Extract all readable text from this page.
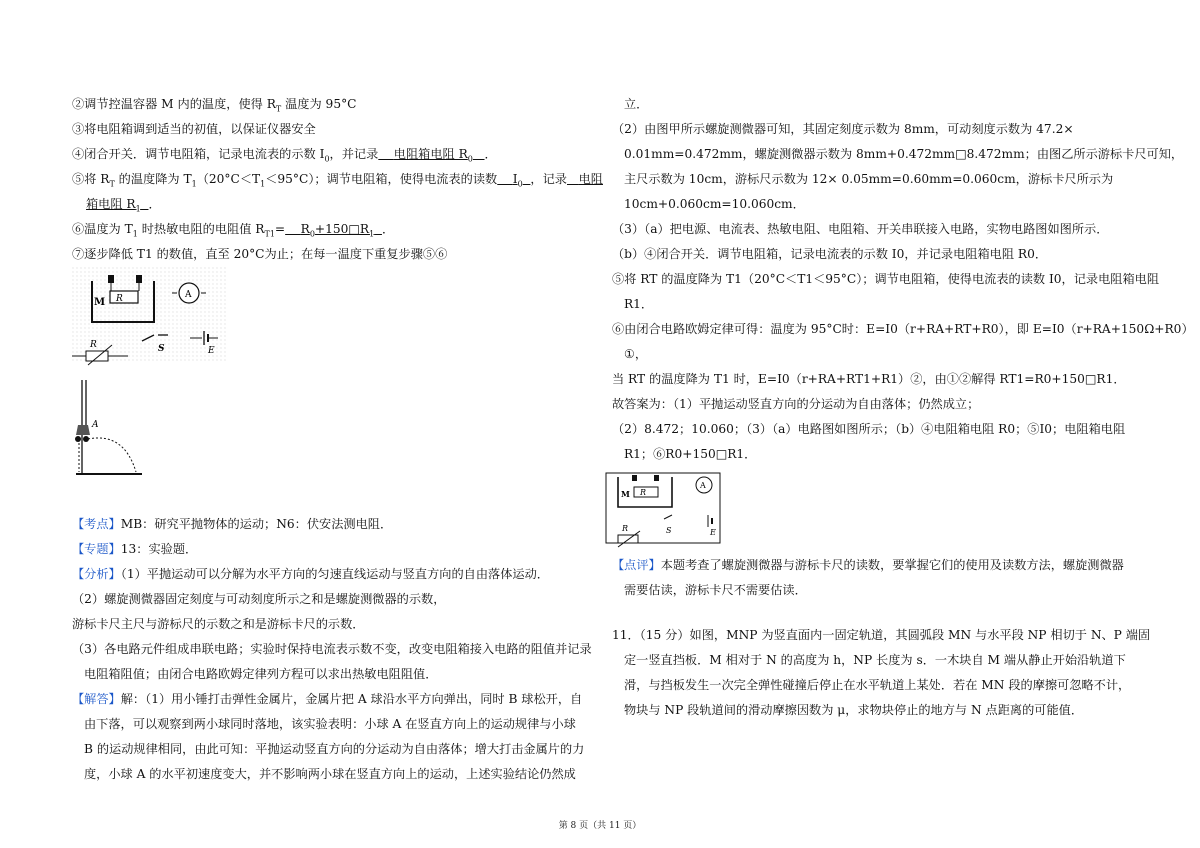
②调节控温容器 M 内的温度，使得 $R_T$ 温度为 95°C
③将电阻箱调到适当的初值，以保证仪器安全
④闭合开关．调节电阻箱，记录电流表的示数 $I_0$，并记录 电阻箱电阻 $R_0$ ．
⑤将 $R_T$ 的温度降为 $T_1(20^\circ C<T_1<95^\circ C)$；调节电阻箱，使得电流表的读数 $I_0$ ，记录 电阻
箱电阻 $R_1$ ．
⑥温度为 $T_1$ 时热敏电阻的电阻值 $R_{T1}=$ $R_0+150□R_1$ ．
⑦逐步降低 T1 的数值，直至 20°C为止；在每一温度下重复步骤⑤⑥
R
M
A
S	E
R
A
【考点】MB：研究平抛物体的运动；N6：伏安法测电阻．
【专题】13：实验题．
【分析】（1）平抛运动可以分解为水平方向的匀速直线运动与竖直方向的自由落体运动．
（2）螺旋测微器固定刻度与可动刻度所示之和是螺旋测微器的示数，
游标卡尺主尺与游标尺的示数之和是游标卡尺的示数．
（3）各电路元件组成串联电路；实验时保持电流表示数不变，改变电阻箱接入电路的阻值并记录
电阻箱阻值；由闭合电路欧姆定律列方程可以求出热敏电阻阻值．
【解答】解：（1）用小锤打击弹性金属片，金属片把 A 球沿水平方向弹出，同时 B 球松开，自
由下落，可以观察到两小球同时落地，该实验表明：小球 A 在竖直方向上的运动规律与小球
B 的运动规律相同，由此可知：平抛运动竖直方向的分运动为自由落体；增大打击金属片的力
度，小球 A 的水平初速度变大，并不影响两小球在竖直方向上的运动，上述实验结论仍然成
立．
（2）由图甲所示螺旋测微器可知，其固定刻度示数为 8mm，可动刻度示数为 47.2×
0.01mm=0.472mm，螺旋测微器示数为 8mm+0.472mm□8.472mm；由图乙所示游标卡尺可知，
主尺示数为 10cm，游标尺示数为 12× 0.05mm=0.60mm=0.060cm，游标卡尺所示为
10cm+0.060cm=10.060cm．
（3）（a）把电源、电流表、热敏电阻、电阻箱、开关串联接入电路，实物电路图如图所示．
（b）④闭合开关．调节电阻箱，记录电流表的示数 I0，并记录电阻箱电阻 R0．
⑤将 RT 的温度降为 T1（20°C＜T1＜95°C）；调节电阻箱，使得电流表的读数 I0，记录电阻箱电阻
R1．
⑥由闭合电路欧姆定律可得：温度为 95°C时：E=I0（r+RA+RT+R0），即 E=I0（r+RA+150Ω+R0）
①，
当 RT 的温度降为 T1 时，E=I0（r+RA+RT1+R1）②，由①②解得 RT1=R0+150□R1．
故答案为：（1）平抛运动竖直方向的分运动为自由落体；仍然成立；
（2）8.472；10.060；（3）（a）电路图如图所示；（b）④电阻箱电阻 R0；⑤I0；电阻箱电阻
R1；⑥R0+150□R1．
R
M
A
S	E
R
【点评】本题考查了螺旋测微器与游标卡尺的读数，要掌握它们的使用及读数方法，螺旋测微器
需要估读，游标卡尺不需要估读．
11．（15 分）如图，MNP 为竖直面内一固定轨道，其圆弧段 MN 与水平段 NP 相切于 N、P 端固
定一竖直挡板．M 相对于 N 的高度为 h，NP 长度为 s．一木块自 M 端从静止开始沿轨道下
滑，与挡板发生一次完全弹性碰撞后停止在水平轨道上某处．若在 MN 段的摩擦可忽略不计，
物块与 NP 段轨道间的滑动摩擦因数为 μ，求物块停止的地方与 N 点距离的可能值．
第 8 页（共 11 页）
